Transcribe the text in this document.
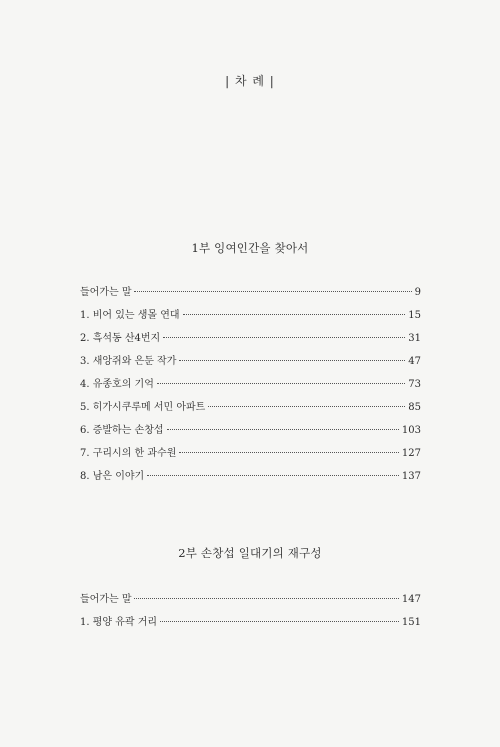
| 차 례 |
1부 잉여인간을 찾아서
들어가는 말	9
1. 비어 있는 생몰 연대	15
2. 흑석동 산4번지	31
3. 새앙쥐와 은둔 작가	47
4. 유종호의 기억	73
5. 히가시쿠루메 서민 아파트	85
6. 증발하는 손창섭	103
7. 구리시의 한 과수원	127
8. 남은 이야기	137
2부 손창섭 일대기의 재구성
들어가는 말	147
1. 평양 유곽 거리	151
